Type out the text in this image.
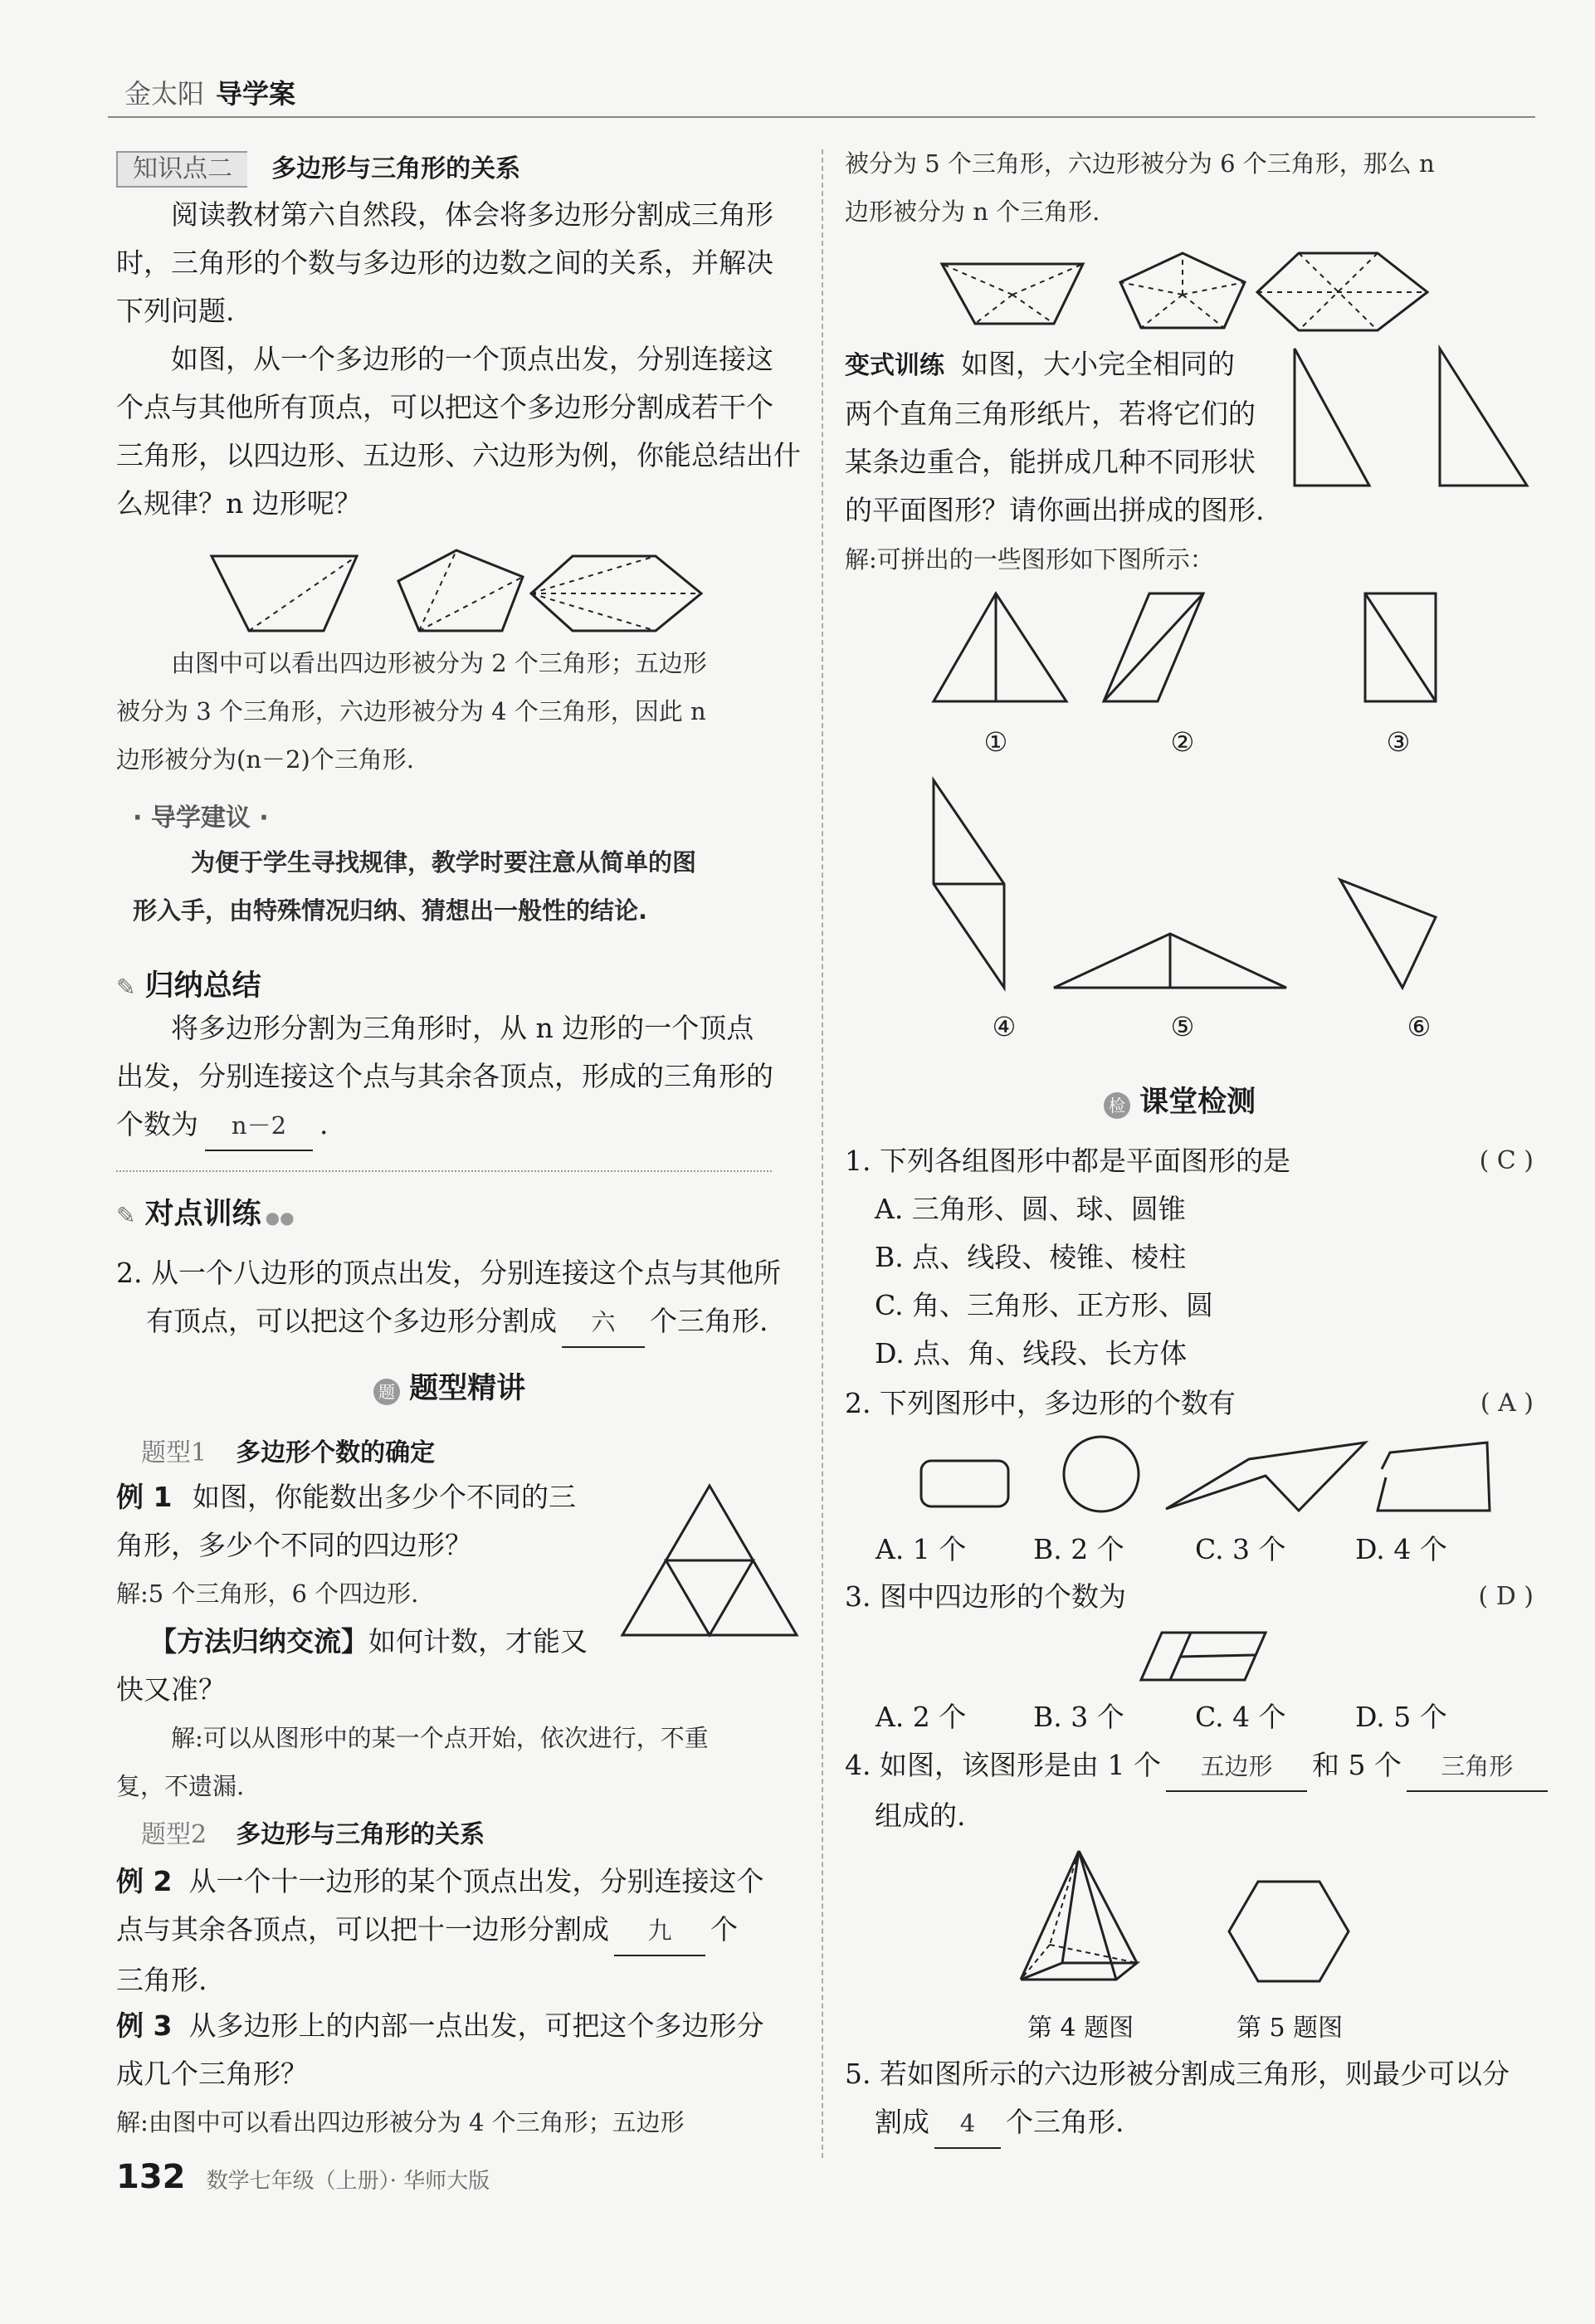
金太阳 导学案
知识点二 多边形与三角形的关系
阅读教材第六自然段，体会将多边形分割成三角形
时，三角形的个数与多边形的边数之间的关系，并解决
下列问题.
如图，从一个多边形的一个顶点出发，分别连接这
个点与其他所有顶点，可以把这个多边形分割成若干个
三角形，以四边形、五边形、六边形为例，你能总结出什
么规律？n 边形呢？
由图中可以看出四边形被分为 2 个三角形；五边形
被分为 3 个三角形，六边形被分为 4 个三角形，因此 n
边形被分为(n－2)个三角形.
· 导学建议 ·
为便于学生寻找规律，教学时要注意从简单的图
形入手，由特殊情况归纳、猜想出一般性的结论.
✎ 归纳总结
将多边形分割为三角形时，从 n 边形的一个顶点
出发，分别连接这个点与其余各顶点，形成的三角形的
个数为 n－2 .
✎ 对点训练 ●●
2. 从一个八边形的顶点出发，分别连接这个点与其他所
有顶点，可以把这个多边形分割成 六 个三角形.
题 题型精讲
题型1 多边形个数的确定
例 1 如图，你能数出多少个不同的三
角形，多少个不同的四边形？
解:5 个三角形，6 个四边形.
【方法归纳交流】如何计数，才能又
快又准？
解:可以从图形中的某一个点开始，依次进行，不重
复，不遗漏.
题型2 多边形与三角形的关系
例 2 从一个十一边形的某个顶点出发，分别连接这个
点与其余各顶点，可以把十一边形分割成 九 个
三角形.
例 3 从多边形上的内部一点出发，可把这个多边形分
成几个三角形？
解:由图中可以看出四边形被分为 4 个三角形；五边形
被分为 5 个三角形，六边形被分为 6 个三角形，那么 n
边形被分为 n 个三角形.
变式训练 如图，大小完全相同的
两个直角三角形纸片，若将它们的
某条边重合，能拼成几种不同形状
的平面图形？请你画出拼成的图形.
解:可拼出的一些图形如下图所示：
①	②	③
④	⑤	⑥
检 课堂检测
1. 下列各组图形中都是平面图形的是	( C )
A. 三角形、圆、球、圆锥
B. 点、线段、棱锥、棱柱
C. 角、三角形、正方形、圆
D. 点、角、线段、长方体
2. 下列图形中，多边形的个数有	( A )
A. 1 个 B. 2 个	C. 3 个	D. 4 个
3. 图中四边形的个数为	( D )
A. 2 个 B. 3 个	C. 4 个	D. 5 个
4. 如图，该图形是由 1 个 五边形 和 5 个 三角形
组成的.
第 4 题图	第 5 题图
5. 若如图所示的六边形被分割成三角形，则最少可以分
割成 4 个三角形.
132 数学七年级（上册）· 华师大版
